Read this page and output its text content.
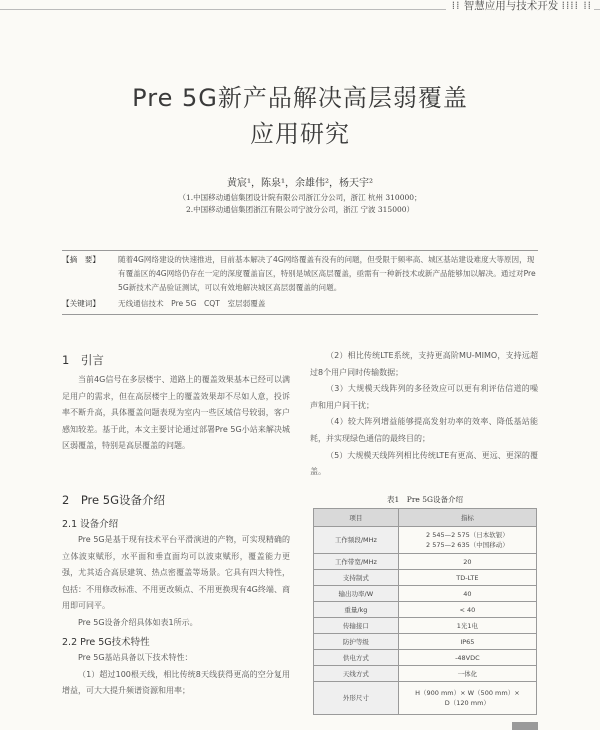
⁞⁞ 智慧应用与技术开发 ⁞⁞⁞⁞ ⁞⁞
Pre 5G新产品解决高层弱覆盖
应用研究
黄宸¹，陈泉¹，余雄伟²，杨天宇²
（1.中国移动通信集团设计院有限公司浙江分公司，浙江 杭州 310000；
2.中国移动通信集团浙江有限公司宁波分公司，浙江 宁波 315000）
【摘　要】 随着4G网络建设的快速推进，目前基本解决了4G网络覆盖有没有的问题，但受限于频率高、城区基站建设难度大等原因，现有覆盖区的4G网络仍存在一定的深度覆盖盲区，特别是城区高层覆盖，亟需有一种新技术或新产品能够加以解决。通过对Pre 5G新技术产品验证测试，可以有效地解决城区高层弱覆盖的问题。
【关键词】 无线通信技术　Pre 5G　CQT　室层弱覆盖
1　引言

当前4G信号在多层楼宇、道路上的覆盖效果基本已经可以满足用户的需求，但在高层楼宇上的覆盖效果却不尽如人意，投诉率不断升高，具体覆盖问题表现为室内一些区域信号较弱，客户感知较差。基于此，本文主要讨论通过部署Pre 5G小站来解决城区弱覆盖，特别是高层覆盖的问题。

2　Pre 5G设备介绍
2.1 设备介绍

Pre 5G是基于现有技术平台平滑演进的产物，可实现精确的立体波束赋形，水平面和垂直面均可以波束赋形，覆盖能力更强，尤其适合高层建筑、热点密覆盖等场景。它具有四大特性，包括：不用修改标准、不用更改频点、不用更换现有4G终端、商用即可同平。

Pre 5G设备介绍具体如表1所示。

2.2 Pre 5G技术特性

Pre 5G基站具备以下技术特性：

（1）超过100根天线，相比传统8天线获得更高的空分复用增益，可大大提升频谱资源和用率；

（2）相比传统LTE系统，支持更高阶MU-MIMO，支持远超过8个用户同时传输数据；

（3）大规模天线阵列的多径效应可以更有利评估信道的噪声和用户间干扰；

（4）较大阵列增益能够提高发射功率的效率、降低基站能耗，并实现绿色通信的最终目的；

（5）大规模天线阵列相比传统LTE有更高、更远、更深的覆盖。

表1　Pre 5G设备介绍
项目	指标
工作频段/MHz	2 545—2 575（日本软银）
2 575—2 635（中国移动）
工作带宽/MHz	20
支持制式	TD-LTE
输出功率/W	40
重量/kg	< 40
传输接口	1光1电
防护等级	IP65
供电方式	-48VDC
天线方式	一体化
外形尺寸	H（900 mm）× W（500 mm）×
D（120 mm）
